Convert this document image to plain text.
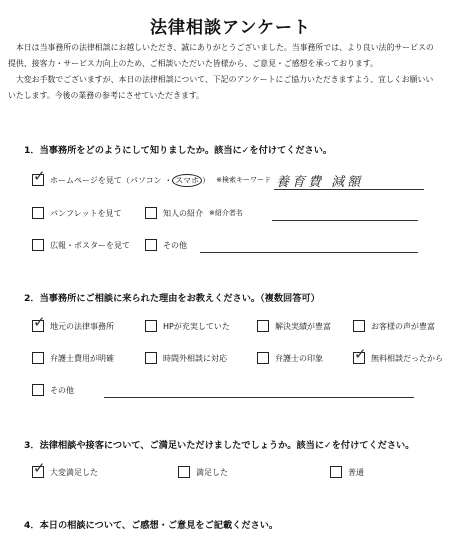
法律相談アンケート

本日は当事務所の法律相談にお越しいただき、誠にありがとうございました。当事務所では、より良い法的サービスの

提供、接客力・サービス力向上のため、ご相談いただいた皆様から、ご意見・ご感想を承っております。

大変お手数でございますが、本日の法律相談について、下記のアンケートにご協力いただきますよう、宜しくお願いい

いたします。今後の業務の参考にさせていただきます。

1．当事務所をどのようにして知りましたか。該当に✓を付けてください。
✓ ホームページを見て（パソコン ・ スマホ ） ※検索キーワード 養育費 減額
パンフレットを見て	知人の紹介 ※紹介者名
広報・ポスターを見て	その他
2．当事務所にご相談に来られた理由をお教えください。（複数回答可）
✓ 地元の法律事務所	HPが充実していた	解決実績が豊富	お客様の声が豊富
弁護士費用が明確	時間外相談に対応	弁護士の印象 ✓ 無料相談だったから
その他
3．法律相談や接客について、ご満足いただけましたでしょうか。該当に✓を付けてください。
✓ 大変満足した	満足した	普通
4．本日の相談について、ご感想・ご意見をご記載ください。
